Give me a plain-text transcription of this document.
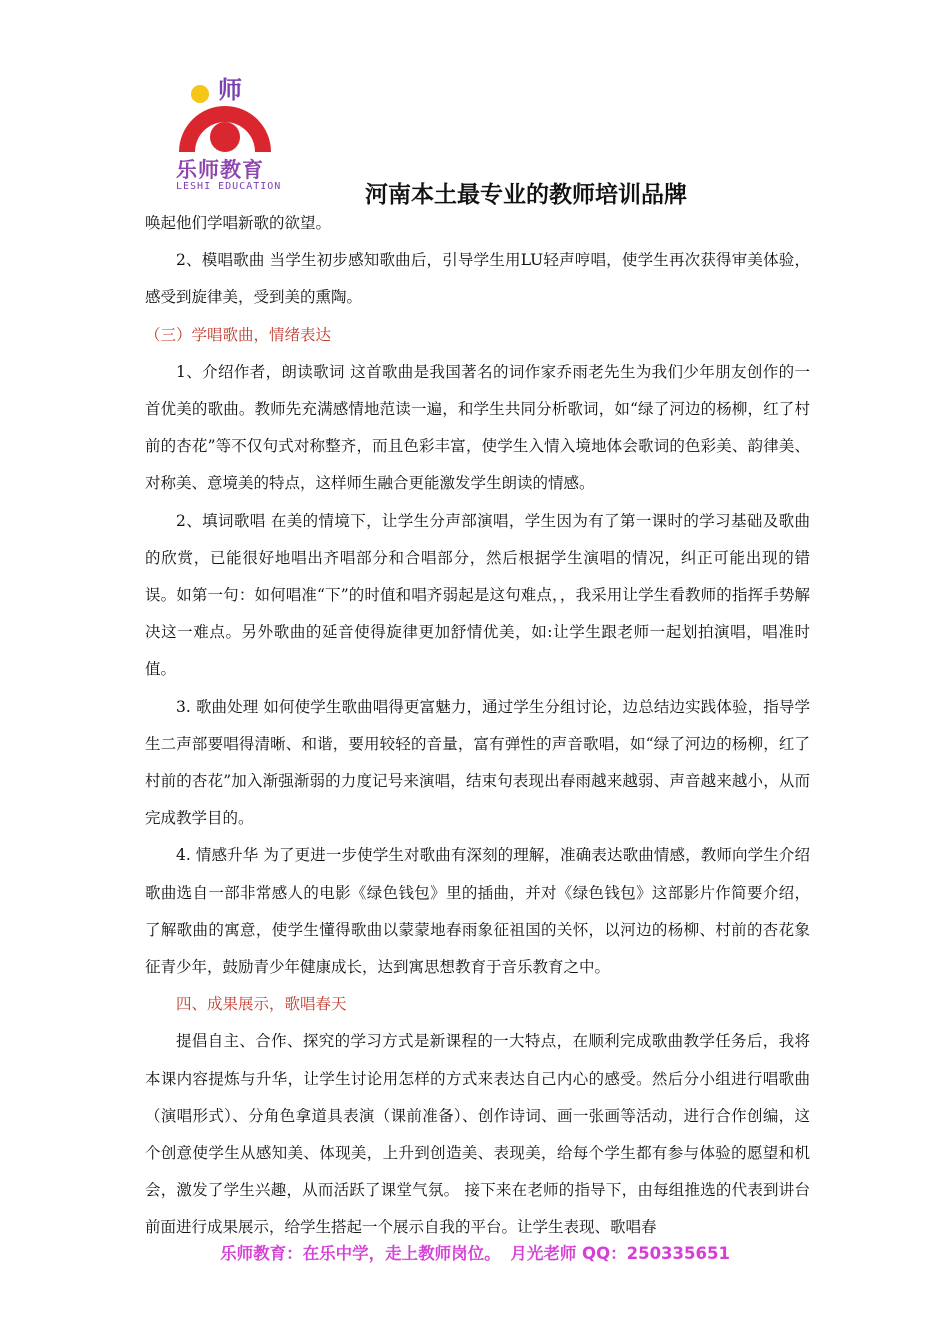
师
乐师教育
LESHI EDUCATION	河南本土最专业的教师培训品牌

唤起他们学唱新歌的欲望。

2、模唱歌曲 当学生初步感知歌曲后，引导学生用LU轻声哼唱，使学生再次获得审美体验，感受到旋律美，受到美的熏陶。

（三）学唱歌曲，情绪表达

1、介绍作者，朗读歌词 这首歌曲是我国著名的词作家乔雨老先生为我们少年朋友创作的一首优美的歌曲。教师先充满感情地范读一遍，和学生共同分析歌词，如“绿了河边的杨柳，红了村前的杏花”等不仅句式对称整齐，而且色彩丰富，使学生入情入境地体会歌词的色彩美、韵律美、对称美、意境美的特点，这样师生融合更能激发学生朗读的情感。

2、填词歌唱 在美的情境下，让学生分声部演唱，学生因为有了第一课时的学习基础及歌曲的欣赏，已能很好地唱出齐唱部分和合唱部分，然后根据学生演唱的情况，纠正可能出现的错误。如第一句：如何唱准“下”的时值和唱齐弱起是这句难点，，我采用让学生看教师的指挥手势解决这一难点。另外歌曲的延音使得旋律更加舒情优美，如:让学生跟老师一起划拍演唱，唱准时值。

3. 歌曲处理 如何使学生歌曲唱得更富魅力，通过学生分组讨论，边总结边实践体验，指导学生二声部要唱得清晰、和谐，要用较轻的音量，富有弹性的声音歌唱，如“绿了河边的杨柳，红了村前的杏花”加入渐强渐弱的力度记号来演唱，结束句表现出春雨越来越弱、声音越来越小，从而完成教学目的。

4. 情感升华 为了更进一步使学生对歌曲有深刻的理解，准确表达歌曲情感，教师向学生介绍歌曲选自一部非常感人的电影《绿色钱包》里的插曲，并对《绿色钱包》这部影片作简要介绍，了解歌曲的寓意，使学生懂得歌曲以蒙蒙地春雨象征祖国的关怀，以河边的杨柳、村前的杏花象征青少年，鼓励青少年健康成长，达到寓思想教育于音乐教育之中。

四、成果展示，歌唱春天

提倡自主、合作、探究的学习方式是新课程的一大特点，在顺利完成歌曲教学任务后，我将本课内容提炼与升华，让学生讨论用怎样的方式来表达自己内心的感受。然后分小组进行唱歌曲（演唱形式）、分角色拿道具表演（课前准备）、创作诗词、画一张画等活动，进行合作创编，这个创意使学生从感知美、体现美，上升到创造美、表现美，给每个学生都有参与体验的愿望和机会，激发了学生兴趣，从而活跃了课堂气氛。 接下来在老师的指导下，由每组推选的代表到讲台前面进行成果展示，给学生搭起一个展示自我的平台。让学生表现、歌唱春

乐师教育：在乐中学，走上教师岗位。 月光老师 QQ：250335651
